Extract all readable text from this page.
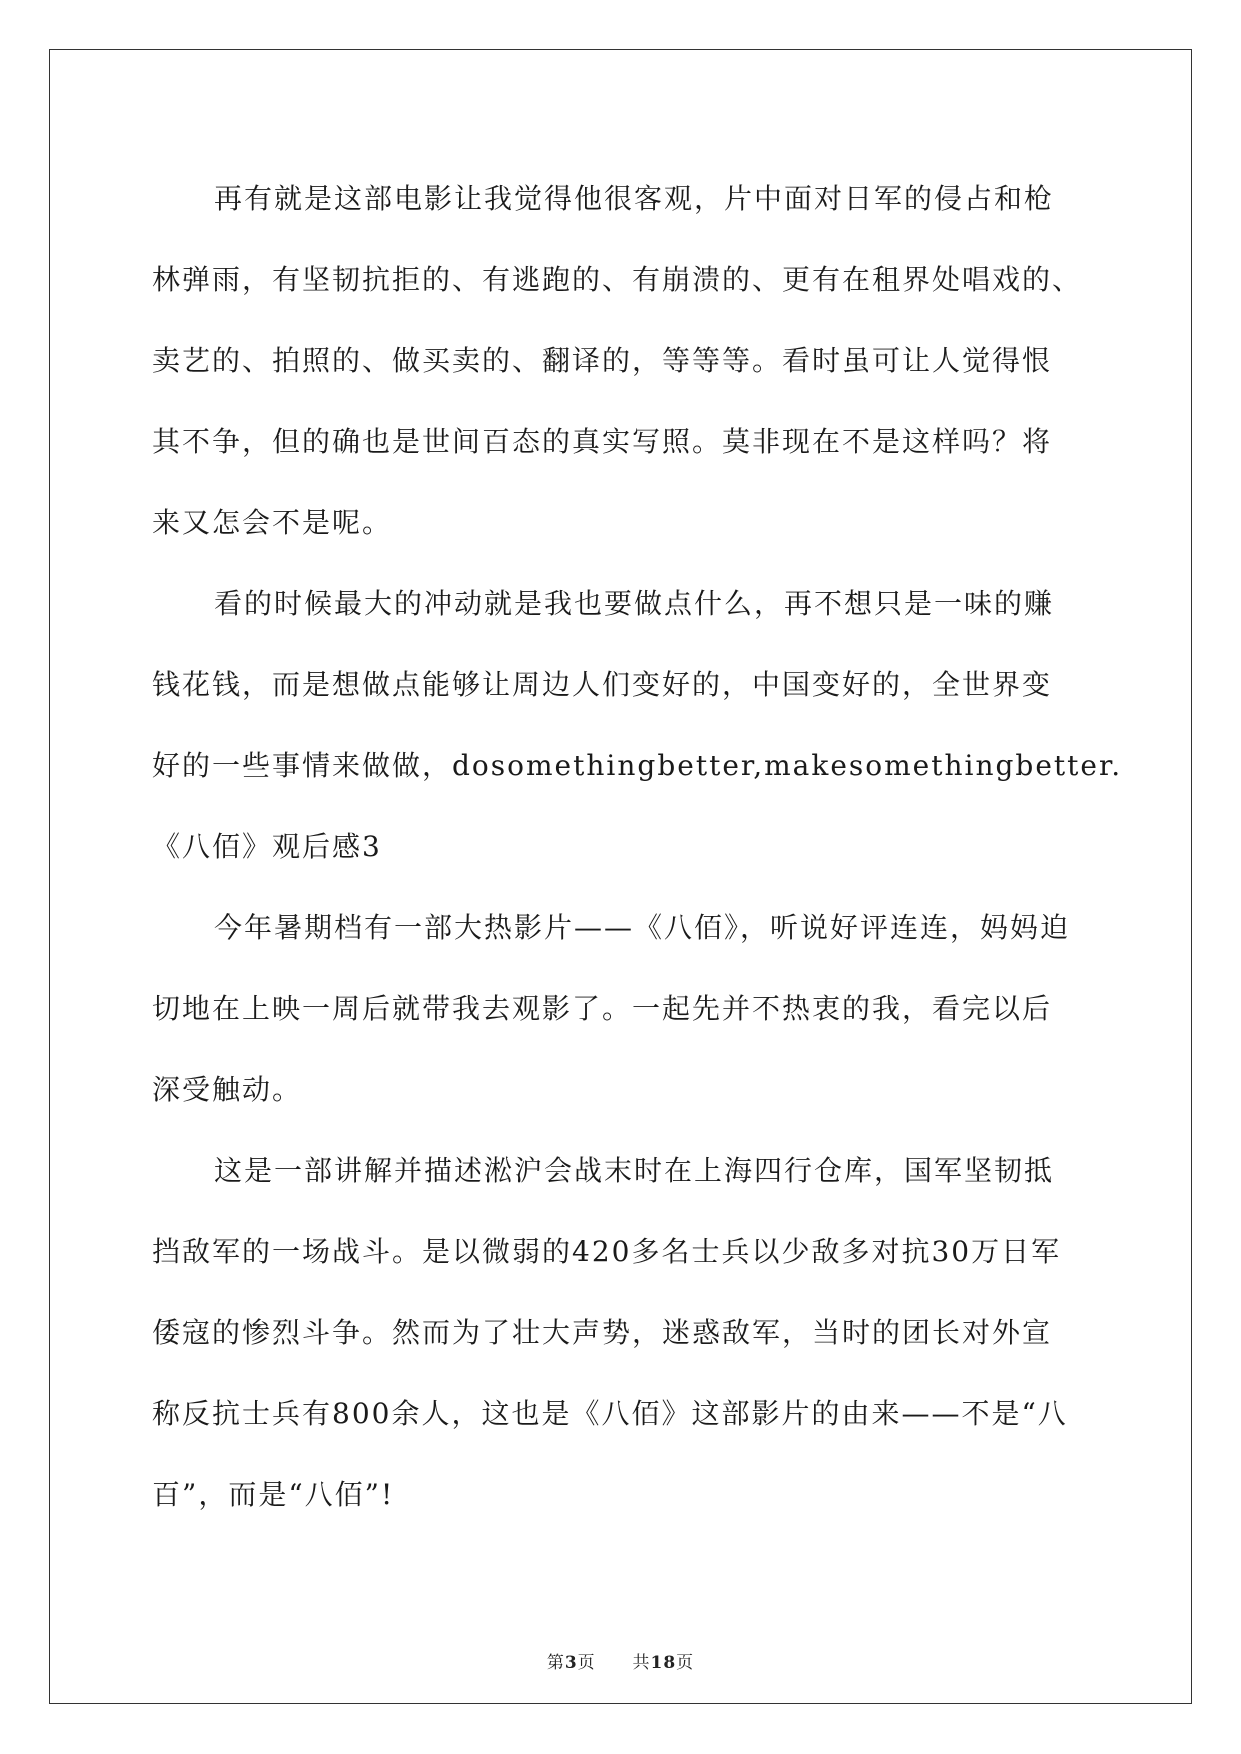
再有就是这部电影让我觉得他很客观，片中面对日军的侵占和枪
林弹雨，有坚韧抗拒的、有逃跑的、有崩溃的、更有在租界处唱戏的、
卖艺的、拍照的、做买卖的、翻译的，等等等。看时虽可让人觉得恨
其不争，但的确也是世间百态的真实写照。莫非现在不是这样吗？将
来又怎会不是呢。

看的时候最大的冲动就是我也要做点什么，再不想只是一味的赚
钱花钱，而是想做点能够让周边人们变好的，中国变好的，全世界变
好的一些事情来做做，dosomethingbetter,makesomethingbetter.

《八佰》观后感3

今年暑期档有一部大热影片——《八佰》，听说好评连连，妈妈迫
切地在上映一周后就带我去观影了。一起先并不热衷的我，看完以后
深受触动。

这是一部讲解并描述淞沪会战末时在上海四行仓库，国军坚韧抵
挡敌军的一场战斗。是以微弱的420多名士兵以少敌多对抗30万日军
倭寇的惨烈斗争。然而为了壮大声势，迷惑敌军，当时的团长对外宣
称反抗士兵有800余人，这也是《八佰》这部影片的由来——不是“八
百”，而是“八佰”!

第3页 共18页
